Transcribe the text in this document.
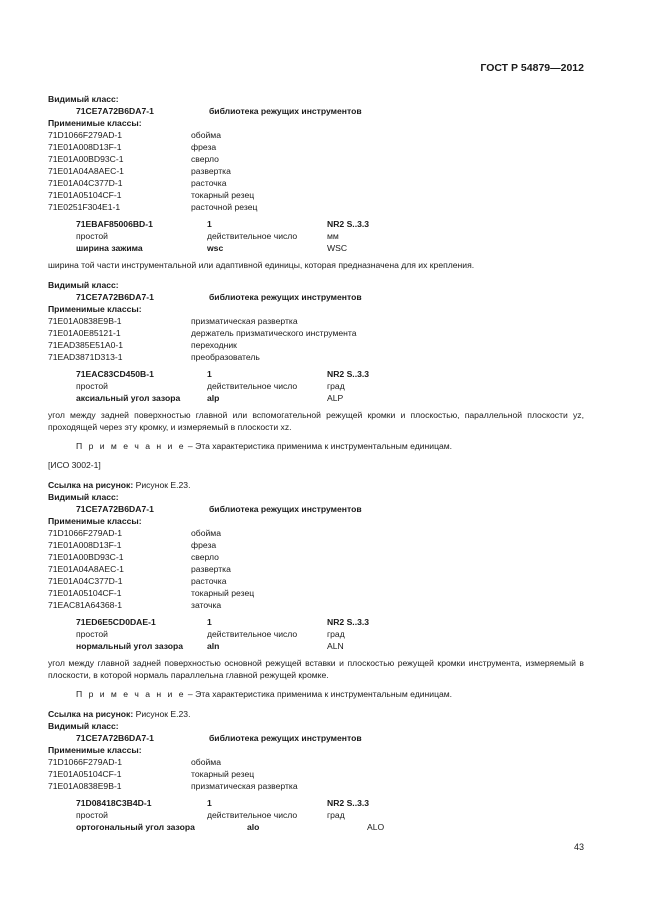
ГОСТ Р 54879—2012
Видимый класс:
71CE7A72B6DA7-1	библиотека режущих инструментов
Применимые классы:
71D1066F279AD-1	обойма
71E01A008D13F-1	фреза
71E01A00BD93C-1	сверло
71E01A04A8AEC-1	развертка
71E01A04C377D-1	расточка
71E01A05104CF-1	токарный резец
71E0251F304E1-1	расточной резец
71EBAF85006BD-1	1	NR2 S..3.3
простой	действительное число	мм
ширина зажима	wsc	WSC
ширина той части инструментальной или адаптивной единицы, которая предназначена для их крепления.
Видимый класс:
71CE7A72B6DA7-1	библиотека режущих инструментов
Применимые классы:
71E01A0838E9B-1	призматическая развертка
71E01A0E85121-1	держатель призматического инструмента
71EAD385E51A0-1	переходник
71EAD3871D313-1	преобразователь
71EAC83CD450B-1	1	NR2 S..3.3
простой	действительное число	град
аксиальный угол зазора	alp	ALP
угол между задней поверхностью главной или вспомогательной режущей кромки и плоскостью, параллельной плоскости yz, проходящей через эту кромку, и измеряемый в плоскости xz.
П р и м е ч а н и е – Эта характеристика применима к инструментальным единицам.
[ИСО 3002-1]
Ссылка на рисунок: Рисунок Е.23.
Видимый класс:
71CE7A72B6DA7-1	библиотека режущих инструментов
Применимые классы:
71D1066F279AD-1	обойма
71E01A008D13F-1	фреза
71E01A00BD93C-1	сверло
71E01A04A8AEC-1	развертка
71E01A04C377D-1	расточка
71E01A05104CF-1	токарный резец
71EAC81A64368-1	заточка
71ED6E5CD0DAE-1	1	NR2 S..3.3
простой	действительное число	град
нормальный угол зазора	aln	ALN
угол между главной задней поверхностью основной режущей вставки и плоскостью режущей кромки инструмента, измеряемый в плоскости, в которой нормаль параллельна главной режущей кромке.
П р и м е ч а н и е – Эта характеристика применима к инструментальным единицам.
Ссылка на рисунок: Рисунок Е.23.
Видимый класс:
71CE7A72B6DA7-1	библиотека режущих инструментов
Применимые классы:
71D1066F279AD-1	обойма
71E01A05104CF-1	токарный резец
71E01A0838E9B-1	призматическая развертка
71D08418C3B4D-1	1	NR2 S..3.3
простой	действительное число	град
ортогональный угол зазора	alo	ALO
43
